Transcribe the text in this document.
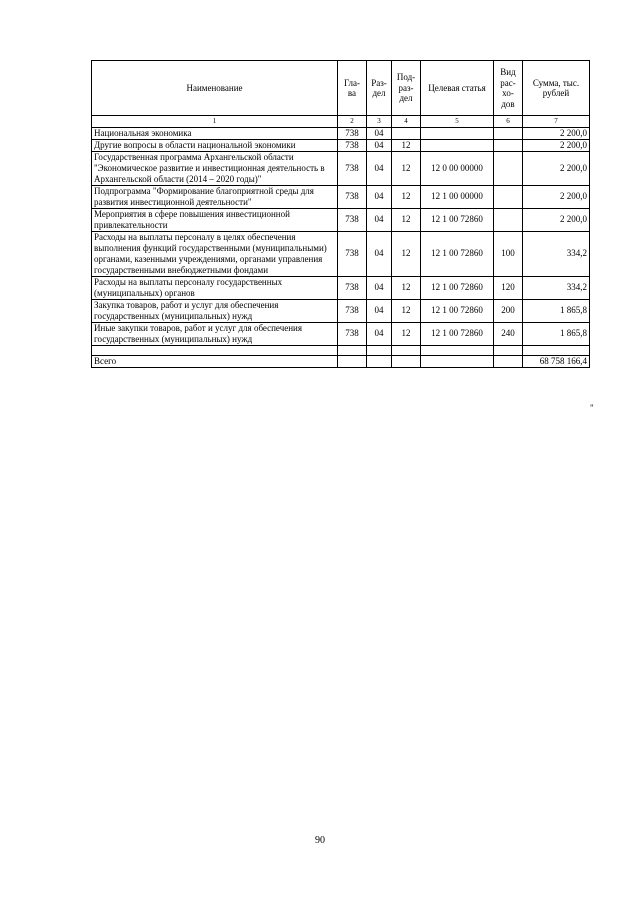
Наименование	Гла-ва	Раз-дел	Под-раз-дел	Целевая статья	Вид рас-хо-дов	Сумма, тыс. рублей
1	2	3	4	5	6	7
Национальная экономика	738	04				2 200,0
Другие вопросы в области национальной экономики	738	04	12			2 200,0
Государственная программа Архангельской области "Экономическое развитие и инвестиционная деятельность в Архангельской области (2014 – 2020 годы)"	738	04	12	12 0 00 00000		2 200,0
Подпрограмма "Формирование благоприятной среды для развития инвестиционной деятельности"	738	04	12	12 1 00 00000		2 200,0
Мероприятия в сфере повышения инвестиционной привлекательности	738	04	12	12 1 00 72860		2 200,0
Расходы на выплаты персоналу в целях обеспечения выполнения функций государственными (муниципальными) органами, казенными учреждениями, органами управления государственными внебюджетными фондами	738	04	12	12 1 00 72860	100	334,2
Расходы на выплаты персоналу государственных (муниципальных) органов	738	04	12	12 1 00 72860	120	334,2
Закупка товаров, работ и услуг для обеспечения государственных (муниципальных) нужд	738	04	12	12 1 00 72860	200	1 865,8
Иные закупки товаров, работ и услуг для обеспечения государственных (муниципальных) нужд	738	04	12	12 1 00 72860	240	1 865,8

Всего						68 758 166,4
"
90
